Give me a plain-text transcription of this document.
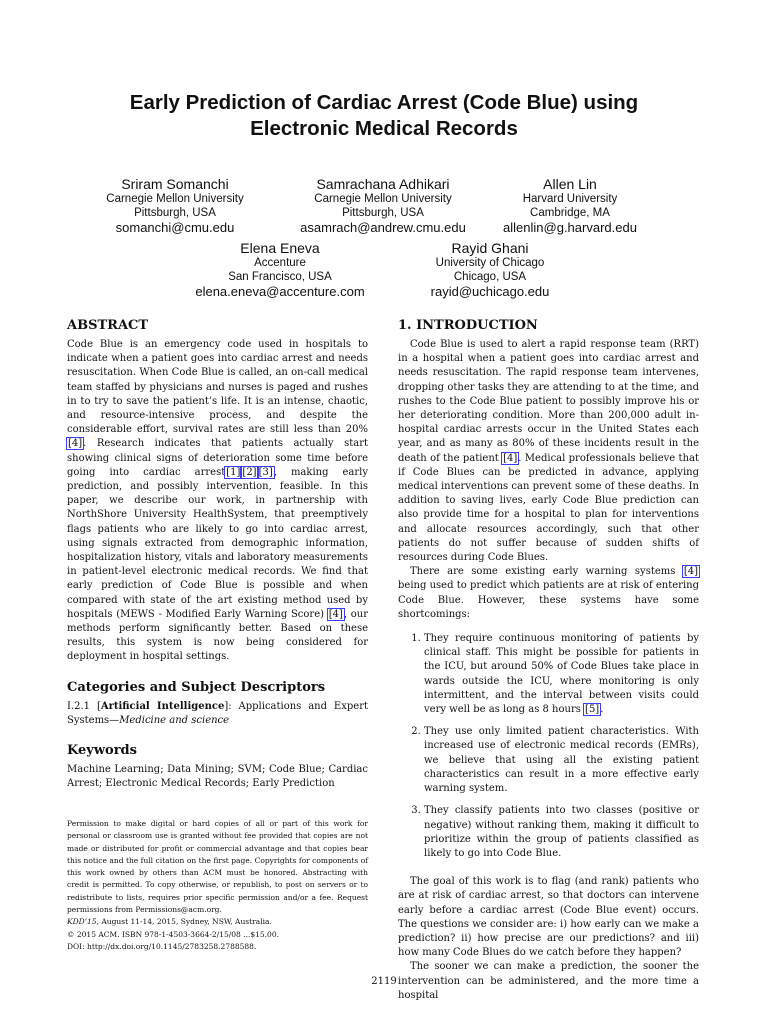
Early Prediction of Cardiac Arrest (Code Blue) using
Electronic Medical Records
Sriram Somanchi
Carnegie Mellon University
Pittsburgh, USA
somanchi@cmu.edu
Samrachana Adhikari
Carnegie Mellon University
Pittsburgh, USA
asamrach@andrew.cmu.edu
Allen Lin
Harvard University
Cambridge, MA
allenlin@g.harvard.edu
Elena Eneva
Accenture
San Francisco, USA
elena.eneva@accenture.com
Rayid Ghani
University of Chicago
Chicago, USA
rayid@uchicago.edu
ABSTRACT

Code Blue is an emergency code used in hospitals to indicate when a patient goes into cardiac arrest and needs resuscitation. When Code Blue is called, an on-call medical team staffed by physicians and nurses is paged and rushes in to try to save the patient’s life. It is an intense, chaotic, and resource-intensive process, and despite the considerable effort, survival rates are still less than 20% [4]. Research indicates that patients actually start showing clinical signs of deterioration some time before going into cardiac arrest[1] [2] [3], making early prediction, and possibly intervention, feasible. In this paper, we describe our work, in partnership with NorthShore University HealthSystem, that preemptively flags patients who are likely to go into cardiac arrest, using signals extracted from demographic information, hospitalization history, vitals and laboratory measurements in patient-level electronic medical records. We find that early prediction of Code Blue is possible and when compared with state of the art existing method used by hospitals (MEWS - Modified Early Warning Score) [4], our methods perform significantly better. Based on these results, this system is now being considered for deployment in hospital settings.

Categories and Subject Descriptors

I.2.1 [Artificial Intelligence]: Applications and Expert Systems—Medicine and science

Keywords

Machine Learning; Data Mining; SVM; Code Blue; Cardiac Arrest; Electronic Medical Records; Early Prediction

Permission to make digital or hard copies of all or part of this work for personal or classroom use is granted without fee provided that copies are not made or distributed for profit or commercial advantage and that copies bear this notice and the full citation on the first page. Copyrights for components of this work owned by others than ACM must be honored. Abstracting with credit is permitted. To copy otherwise, or republish, to post on servers or to redistribute to lists, requires prior specific permission and/or a fee. Request permissions from Permissions@acm.org.

KDD’15, August 11-14, 2015, Sydney, NSW, Australia.

© 2015 ACM. ISBN 978-1-4503-3664-2/15/08 ...$15.00.

DOI: http://dx.doi.org/10.1145/2783258.2788588.

1. INTRODUCTION

Code Blue is used to alert a rapid response team (RRT) in a hospital when a patient goes into cardiac arrest and needs resuscitation. The rapid response team intervenes, dropping other tasks they are attending to at the time, and rushes to the Code Blue patient to possibly improve his or her deteriorating condition. More than 200,000 adult in-hospital cardiac arrests occur in the United States each year, and as many as 80% of these incidents result in the death of the patient [4]. Medical professionals believe that if Code Blues can be predicted in advance, applying medical interventions can prevent some of these deaths. In addition to saving lives, early Code Blue prediction can also provide time for a hospital to plan for interventions and allocate resources accordingly, such that other patients do not suffer because of sudden shifts of resources during Code Blues.

There are some existing early warning systems [4] being used to predict which patients are at risk of entering Code Blue. However, these systems have some shortcomings:

1. They require continuous monitoring of patients by clinical staff. This might be possible for patients in the ICU, but around 50% of Code Blues take place in wards outside the ICU, where monitoring is only intermittent, and the interval between visits could very well be as long as 8 hours [5].
2. They use only limited patient characteristics. With increased use of electronic medical records (EMRs), we believe that using all the existing patient characteristics can result in a more effective early warning system.
3. They classify patients into two classes (positive or negative) without ranking them, making it difficult to prioritize within the group of patients classified as likely to go into Code Blue.

The goal of this work is to flag (and rank) patients who are at risk of cardiac arrest, so that doctors can intervene early before a cardiac arrest (Code Blue event) occurs. The questions we consider are: i) how early can we make a prediction? ii) how precise are our predictions? and iii) how many Code Blues do we catch before they happen?

The sooner we can make a prediction, the sooner the intervention can be administered, and the more time a hospital

2119
